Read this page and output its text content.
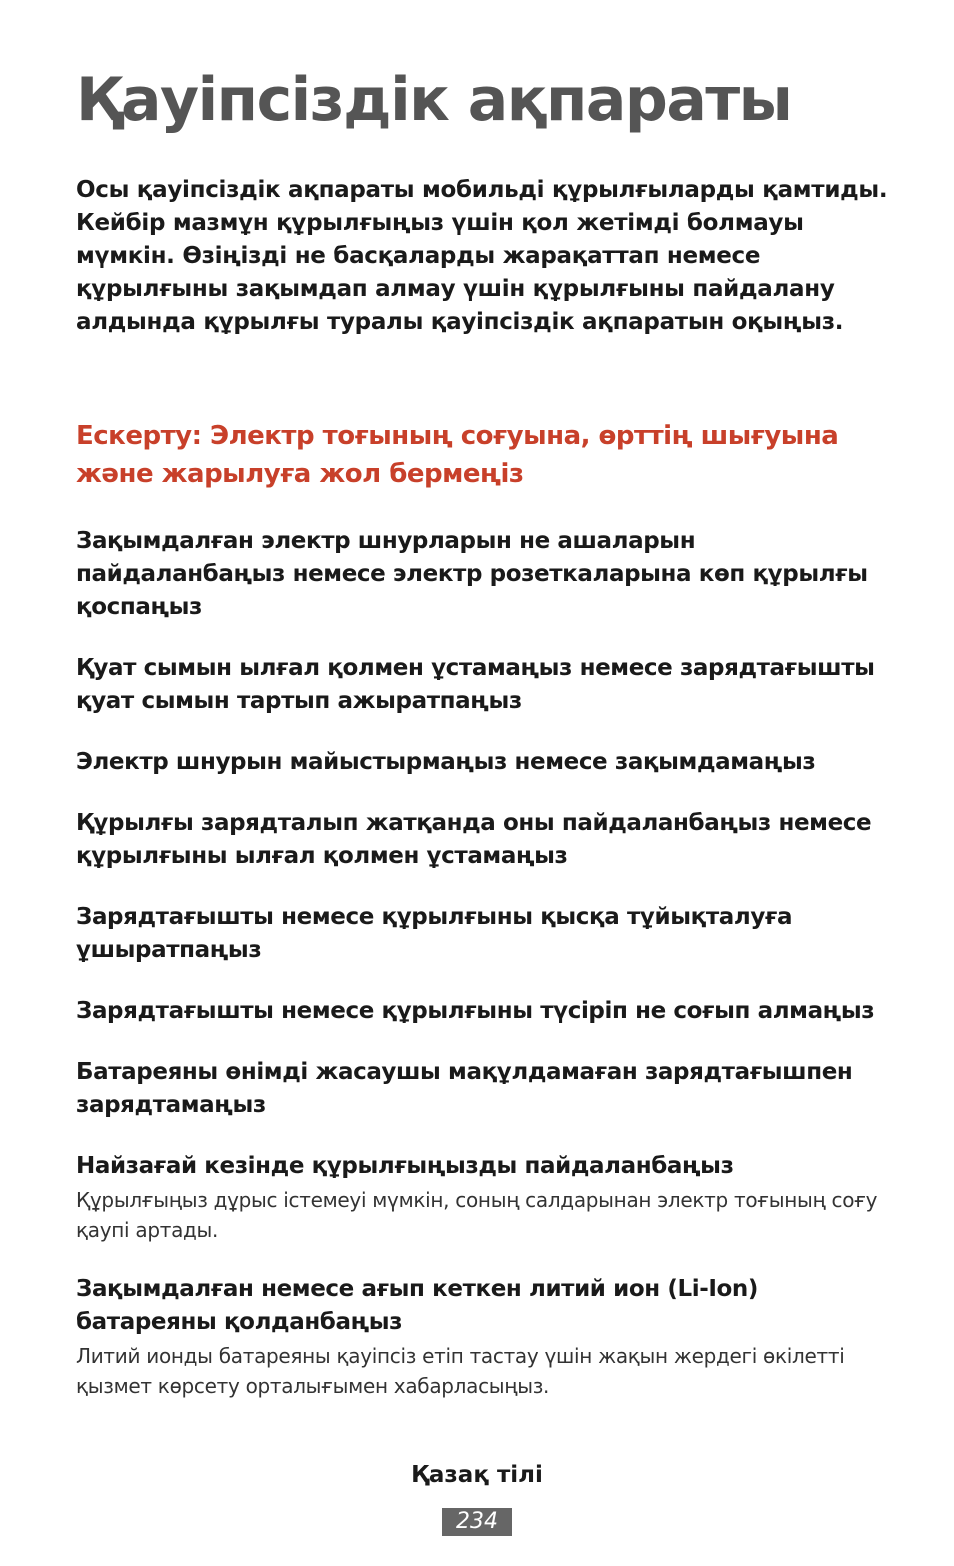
Қауіпсіздік ақпараты
Осы қауіпсіздік ақпараты мобильді құрылғыларды қамтиды. Кейбір мазмұн құрылғыңыз үшін қол жетімді болмауы мүмкін. Өзіңізді не басқаларды жарақаттап немесе құрылғыны зақымдап алмау үшін құрылғыны пайдалану алдында құрылғы туралы қауіпсіздік ақпаратын оқыңыз.
Ескерту: Электр тоғының соғуына, өрттің шығуына және жарылуға жол бермеңіз
Зақымдалған электр шнурларын не ашаларын пайдаланбаңыз немесе электр розеткаларына көп құрылғы қоспаңыз
Қуат сымын ылғал қолмен ұстамаңыз немесе зарядтағышты қуат сымын тартып ажыратпаңыз
Электр шнурын майыстырмаңыз немесе зақымдамаңыз
Құрылғы зарядталып жатқанда оны пайдаланбаңыз немесе құрылғыны ылғал қолмен ұстамаңыз
Зарядтағышты немесе құрылғыны қысқа тұйықталуға ұшыратпаңыз
Зарядтағышты немесе құрылғыны түсіріп не соғып алмаңыз
Батареяны өнімді жасаушы мақұлдамаған зарядтағышпен зарядтамаңыз
Найзағай кезінде құрылғыңызды пайдаланбаңыз
Құрылғыңыз дұрыс істемеуі мүмкін, соның салдарынан электр тоғының соғу қаупі артады.
Зақымдалған немесе ағып кеткен литий ион (Li-Ion) батареяны қолданбаңыз
Литий ионды батареяны қауіпсіз етіп тастау үшін жақын жердегі өкілетті қызмет көрсету орталығымен хабарласыңыз.
Қазақ тілі
234
